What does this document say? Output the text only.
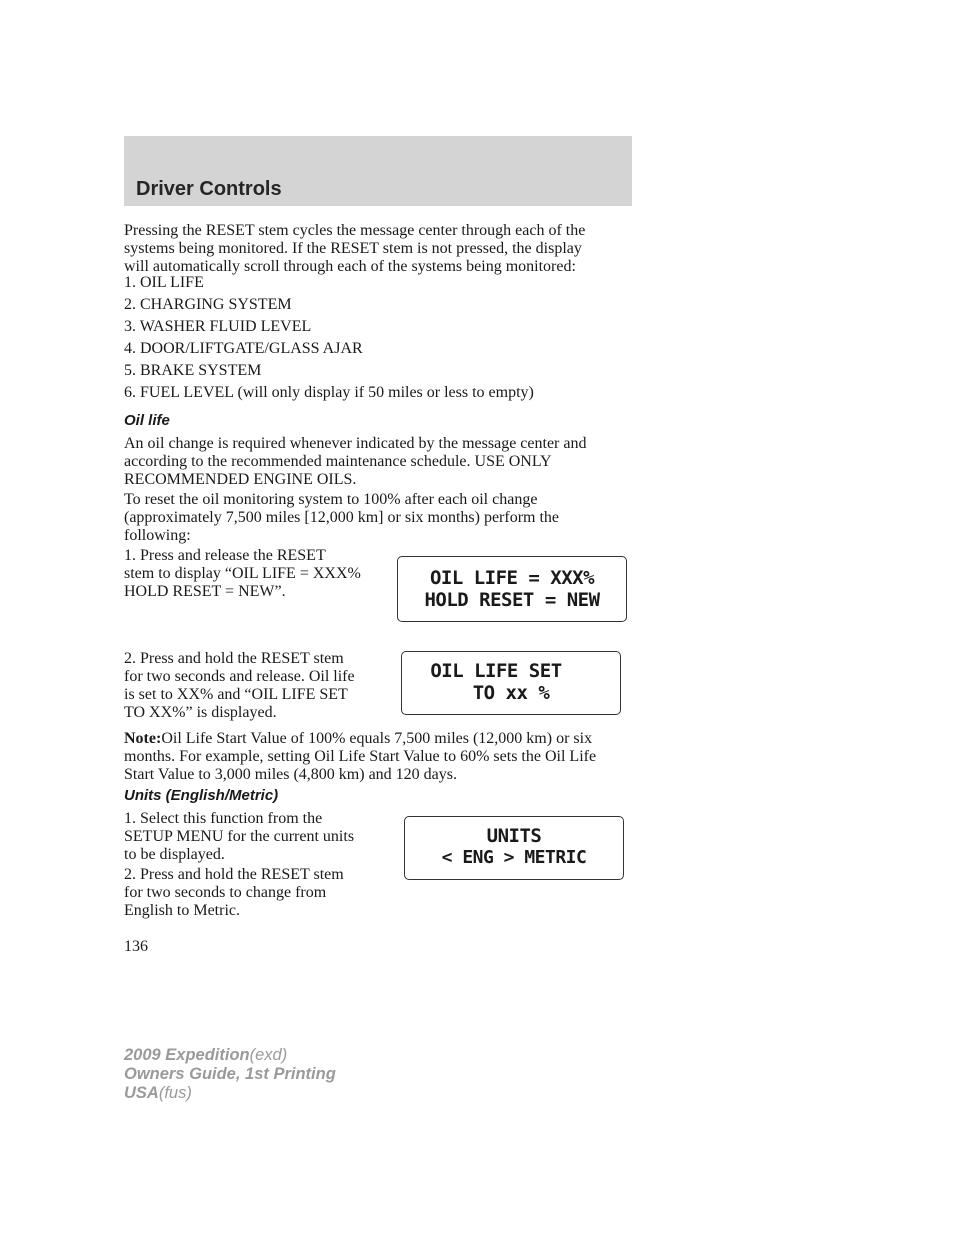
Driver Controls
Pressing the RESET stem cycles the message center through each of the
systems being monitored. If the RESET stem is not pressed, the display
will automatically scroll through each of the systems being monitored:
1. OIL LIFE
2. CHARGING SYSTEM
3. WASHER FLUID LEVEL
4. DOOR/LIFTGATE/GLASS AJAR
5. BRAKE SYSTEM
6. FUEL LEVEL (will only display if 50 miles or less to empty)
Oil life
An oil change is required whenever indicated by the message center and
according to the recommended maintenance schedule. USE ONLY
RECOMMENDED ENGINE OILS.
To reset the oil monitoring system to 100% after each oil change
(approximately 7,500 miles [12,000 km] or six months) perform the
following:
1. Press and release the RESET
stem to display “OIL LIFE = XXX%
HOLD RESET = NEW”.
OIL LIFE = XXX%
HOLD RESET = NEW
2. Press and hold the RESET stem
for two seconds and release. Oil life
is set to XX% and “OIL LIFE SET
TO XX%” is displayed.
OIL LIFE SET
TO xx %
Note:Oil Life Start Value of 100% equals 7,500 miles (12,000 km) or six
months. For example, setting Oil Life Start Value to 60% sets the Oil Life
Start Value to 3,000 miles (4,800 km) and 120 days.
Units (English/Metric)
1. Select this function from the
SETUP MENU for the current units
to be displayed.
2. Press and hold the RESET stem
for two seconds to change from
English to Metric.
UNITS
< ENG > METRIC
136
2009 Expedition(exd)
Owners Guide, 1st Printing
USA(fus)
